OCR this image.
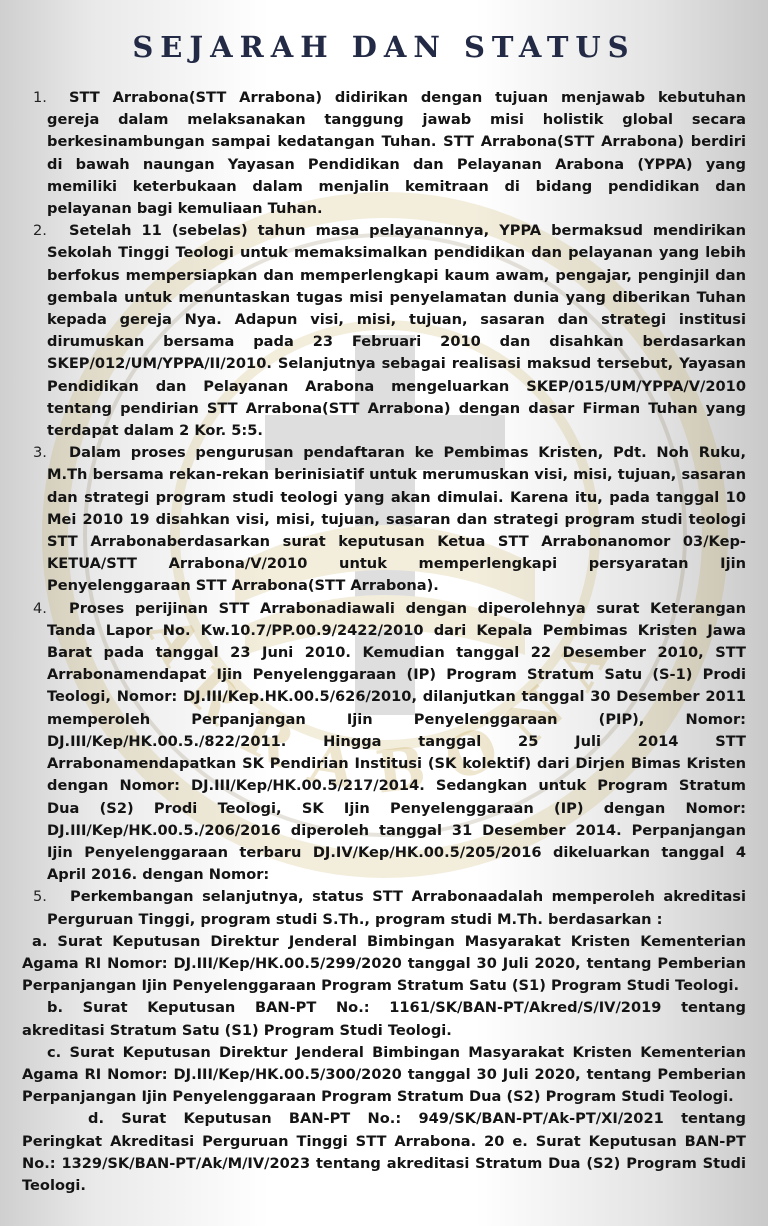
ARRABONA
SEJARAH DAN STATUS
1.	STT Arrabona(STT Arrabona) didirikan dengan tujuan menjawab kebutuhan gereja dalam melaksanakan tanggung jawab misi holistik global secara berkesinambungan sampai kedatangan Tuhan. STT Arrabona(STT Arrabona) berdiri di bawah naungan Yayasan Pendidikan dan Pelayanan Arabona (YPPA) yang memiliki keterbukaan dalam menjalin kemitraan di bidang pendidikan dan pelayanan bagi kemuliaan Tuhan.
2.	Setelah 11 (sebelas) tahun masa pelayanannya, YPPA bermaksud mendirikan Sekolah Tinggi Teologi untuk memaksimalkan pendidikan dan pelayanan yang lebih berfokus mempersiapkan dan memperlengkapi kaum awam, pengajar, penginjil dan gembala untuk menuntaskan tugas misi penyelamatan dunia yang diberikan Tuhan kepada gereja Nya. Adapun visi, misi, tujuan, sasaran dan strategi institusi dirumuskan bersama pada 23 Februari 2010 dan disahkan berdasarkan SKEP/012/UM/YPPA/II/2010. Selanjutnya sebagai realisasi maksud tersebut, Yayasan Pendidikan dan Pelayanan Arabona mengeluarkan SKEP/015/UM/YPPA/V/2010 tentang pendirian STT Arrabona(STT Arrabona) dengan dasar Firman Tuhan yang terdapat dalam 2 Kor. 5:5.
3.	Dalam proses pengurusan pendaftaran ke Pembimas Kristen, Pdt. Noh Ruku, M.Th bersama rekan-rekan berinisiatif untuk merumuskan visi, misi, tujuan, sasaran dan strategi program studi teologi yang akan dimulai. Karena itu, pada tanggal 10 Mei 2010 19 disahkan visi, misi, tujuan, sasaran dan strategi program studi teologi STT Arrabonaberdasarkan surat keputusan Ketua STT Arrabonanomor 03/Kep-KETUA/STT Arrabona/V/2010 untuk memperlengkapi persyaratan Ijin Penyelenggaraan STT Arrabona(STT Arrabona).
4.	Proses perijinan STT Arrabonadiawali dengan diperolehnya surat Keterangan Tanda Lapor No. Kw.10.7/PP.00.9/2422/2010 dari Kepala Pembimas Kristen Jawa Barat pada tanggal 23 Juni 2010. Kemudian tanggal 22 Desember 2010, STT Arrabonamendapat Ijin Penyelenggaraan (IP) Program Stratum Satu (S-1) Prodi Teologi, Nomor: DJ.III/Kep.HK.00.5/626/2010, dilanjutkan tanggal 30 Desember 2011 memperoleh Perpanjangan Ijin Penyelenggaraan (PIP), Nomor: DJ.III/Kep/HK.00.5./822/2011. Hingga tanggal 25 Juli 2014 STT Arrabonamendapatkan SK Pendirian Institusi (SK kolektif) dari Dirjen Bimas Kristen dengan Nomor: DJ.III/Kep/HK.00.5/217/2014. Sedangkan untuk Program Stratum Dua (S2) Prodi Teologi, SK Ijin Penyelenggaraan (IP) dengan Nomor: DJ.III/Kep/HK.00.5./206/2016 diperoleh tanggal 31 Desember 2014. Perpanjangan Ijin Penyelenggaraan terbaru DJ.IV/Kep/HK.00.5/205/2016 dikeluarkan tanggal 4 April 2016. dengan Nomor:
5.	Perkembangan selanjutnya, status STT Arrabonaadalah memperoleh akreditasi Perguruan Tinggi, program studi S.Th., program studi M.Th. berdasarkan :
a. Surat Keputusan Direktur Jenderal Bimbingan Masyarakat Kristen Kementerian Agama RI Nomor: DJ.III/Kep/HK.00.5/299/2020 tanggal 30 Juli 2020, tentang Pemberian Perpanjangan Ijin Penyelenggaraan Program Stratum Satu (S1) Program Studi Teologi.
b. Surat Keputusan BAN-PT No.: 1161/SK/BAN-PT/Akred/S/IV/2019 tentang akreditasi Stratum Satu (S1) Program Studi Teologi.
c. Surat Keputusan Direktur Jenderal Bimbingan Masyarakat Kristen Kementerian Agama RI Nomor: DJ.III/Kep/HK.00.5/300/2020 tanggal 30 Juli 2020, tentang Pemberian Perpanjangan Ijin Penyelenggaraan Program Stratum Dua (S2) Program Studi Teologi.
d. Surat Keputusan BAN-PT No.: 949/SK/BAN-PT/Ak-PT/XI/2021 tentang Peringkat Akreditasi Perguruan Tinggi STT Arrabona. 20 e. Surat Keputusan BAN-PT No.: 1329/SK/BAN-PT/Ak/M/IV/2023 tentang akreditasi Stratum Dua (S2) Program Studi Teologi.
